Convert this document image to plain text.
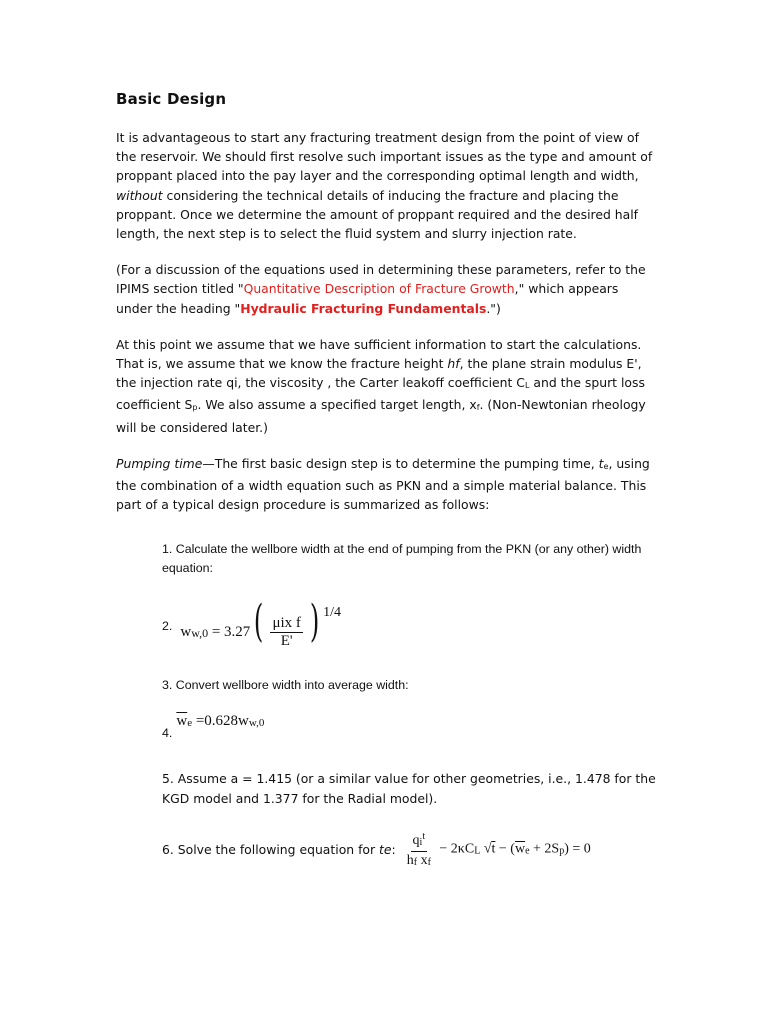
Basic Design

It is advantageous to start any fracturing treatment design from the point of view of the reservoir. We should first resolve such important issues as the type and amount of proppant placed into the pay layer and the corresponding optimal length and width, without considering the technical details of inducing the fracture and placing the proppant. Once we determine the amount of proppant required and the desired half length, the next step is to select the fluid system and slurry injection rate.

(For a discussion of the equations used in determining these parameters, refer to the IPIMS section titled "Quantitative Description of Fracture Growth," which appears under the heading "Hydraulic Fracturing Fundamentals.")

At this point we assume that we have sufficient information to start the calculations. That is, we assume that we know the fracture height hf, the plane strain modulus E', the injection rate qi, the viscosity , the Carter leakoff coefficient CL and the spurt loss coefficient Sp. We also assume a specified target length, xf. (Non-Newtonian rheology will be considered later.)

Pumping time—The first basic design step is to determine the pumping time, te, using the combination of a width equation such as PKN and a simple material balance. This part of a typical design procedure is summarized as follows:

1. Calculate the wellbore width at the end of pumping from the PKN (or any other) width equation:
2. $ww,0 = 3.27( \frac{\text{μix f}}{E'}$ ) $^{1/4}$
3. Convert wellbore width into average width:
4.
$\overline{w}e =0.628ww,0$

5. Assume a = 1.415 (or a similar value for other geometries, i.e., 1.478 for the KGD model and 1.377 for the Radial model).

6. Solve the following equation for te: $\frac{qi^t}{\text{hf xf}} - 2\kappa CL$ $√t - (\overline{w}e + 2Sp) = 0$
